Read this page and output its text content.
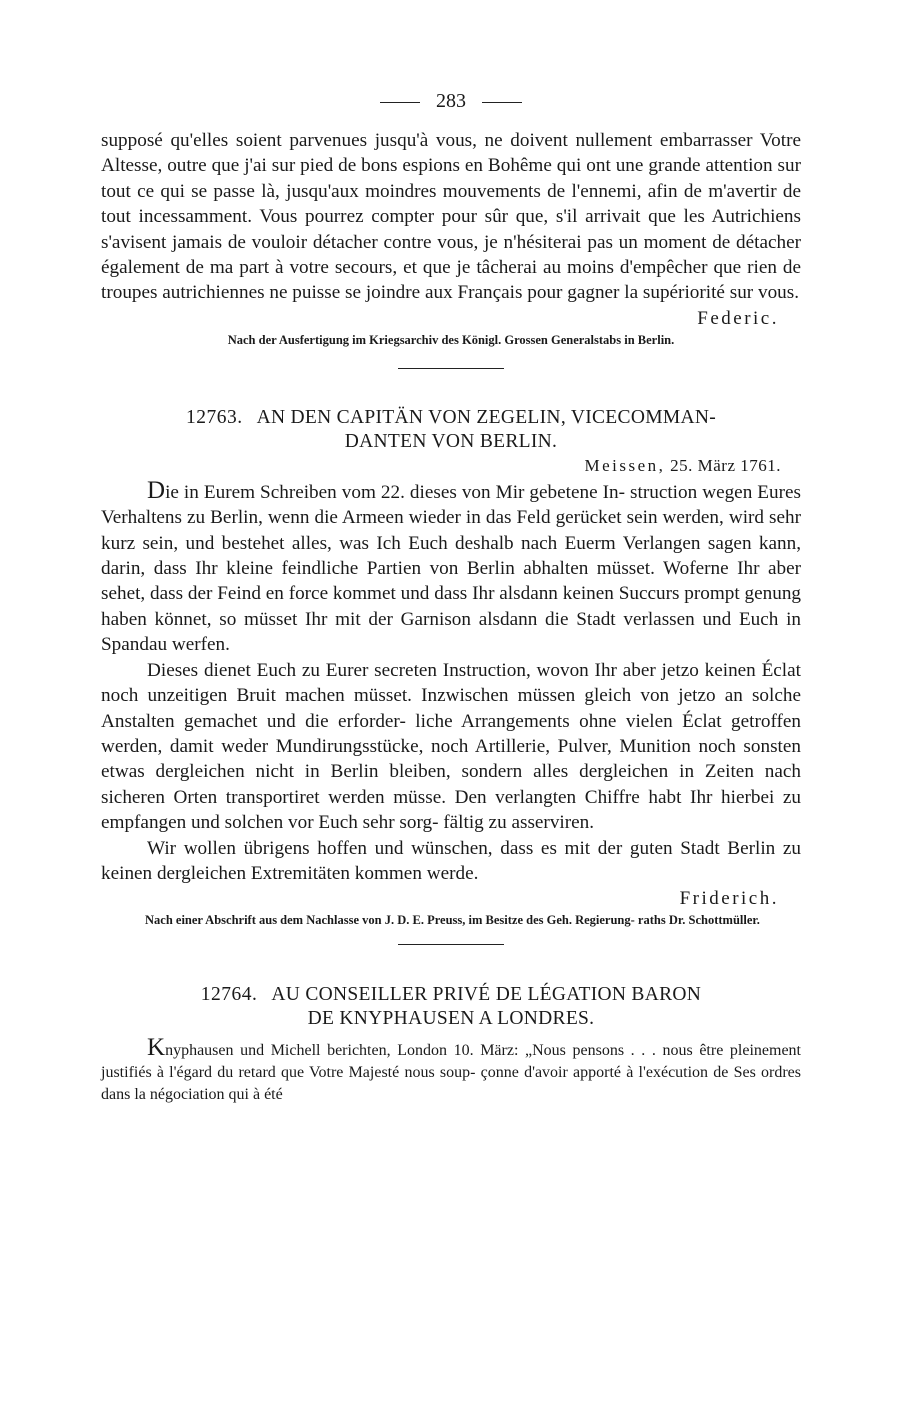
283

supposé qu'elles soient parvenues jusqu'à vous, ne doivent nullement embarrasser Votre Altesse, outre que j'ai sur pied de bons espions en Bohême qui ont une grande attention sur tout ce qui se passe là, jusqu'aux moindres mouvements de l'ennemi, afin de m'avertir de tout incessamment. Vous pourrez compter pour sûr que, s'il arrivait que les Autrichiens s'avisent jamais de vouloir détacher contre vous, je n'hésiterai pas un moment de détacher également de ma part à votre secours, et que je tâcherai au moins d'empêcher que rien de troupes autrichiennes ne puisse se joindre aux Français pour gagner la supériorité sur vous.

Federic.

Nach der Ausfertigung im Kriegsarchiv des Königl. Grossen Generalstabs in Berlin.

12763. AN DEN CAPITÄN VON ZEGELIN, VICECOMMAN-
DANTEN VON BERLIN.
Meissen, 25. März 1761.

Die in Eurem Schreiben vom 22. dieses von Mir gebetene In- struction wegen Eures Verhaltens zu Berlin, wenn die Armeen wieder in das Feld gerücket sein werden, wird sehr kurz sein, und bestehet alles, was Ich Euch deshalb nach Euerm Verlangen sagen kann, darin, dass Ihr kleine feindliche Partien von Berlin abhalten müsset. Woferne Ihr aber sehet, dass der Feind en force kommet und dass Ihr alsdann keinen Succurs prompt genung haben könnet, so müsset Ihr mit der Garnison alsdann die Stadt verlassen und Euch in Spandau werfen.

Dieses dienet Euch zu Eurer secreten Instruction, wovon Ihr aber jetzo keinen Éclat noch unzeitigen Bruit machen müsset. Inzwischen müssen gleich von jetzo an solche Anstalten gemachet und die erforder- liche Arrangements ohne vielen Éclat getroffen werden, damit weder Mundirungsstücke, noch Artillerie, Pulver, Munition noch sonsten etwas dergleichen nicht in Berlin bleiben, sondern alles dergleichen in Zeiten nach sicheren Orten transportiret werden müsse. Den verlangten Chiffre habt Ihr hierbei zu empfangen und solchen vor Euch sehr sorg- fältig zu asserviren.

Wir wollen übrigens hoffen und wünschen, dass es mit der guten Stadt Berlin zu keinen dergleichen Extremitäten kommen werde.

Friderich.
Nach einer Abschrift aus dem Nachlasse von J. D. E. Preuss, im Besitze des Geh. Regierung- raths Dr. Schottmüller.
12764. AU CONSEILLER PRIVÉ DE LÉGATION BARON
DE KNYPHAUSEN A LONDRES.

Knyphausen und Michell berichten, London 10. März: „Nous pensons . . . nous être pleinement justifiés à l'égard du retard que Votre Majesté nous soup- çonne d'avoir apporté à l'exécution de Ses ordres dans la négociation qui à été
